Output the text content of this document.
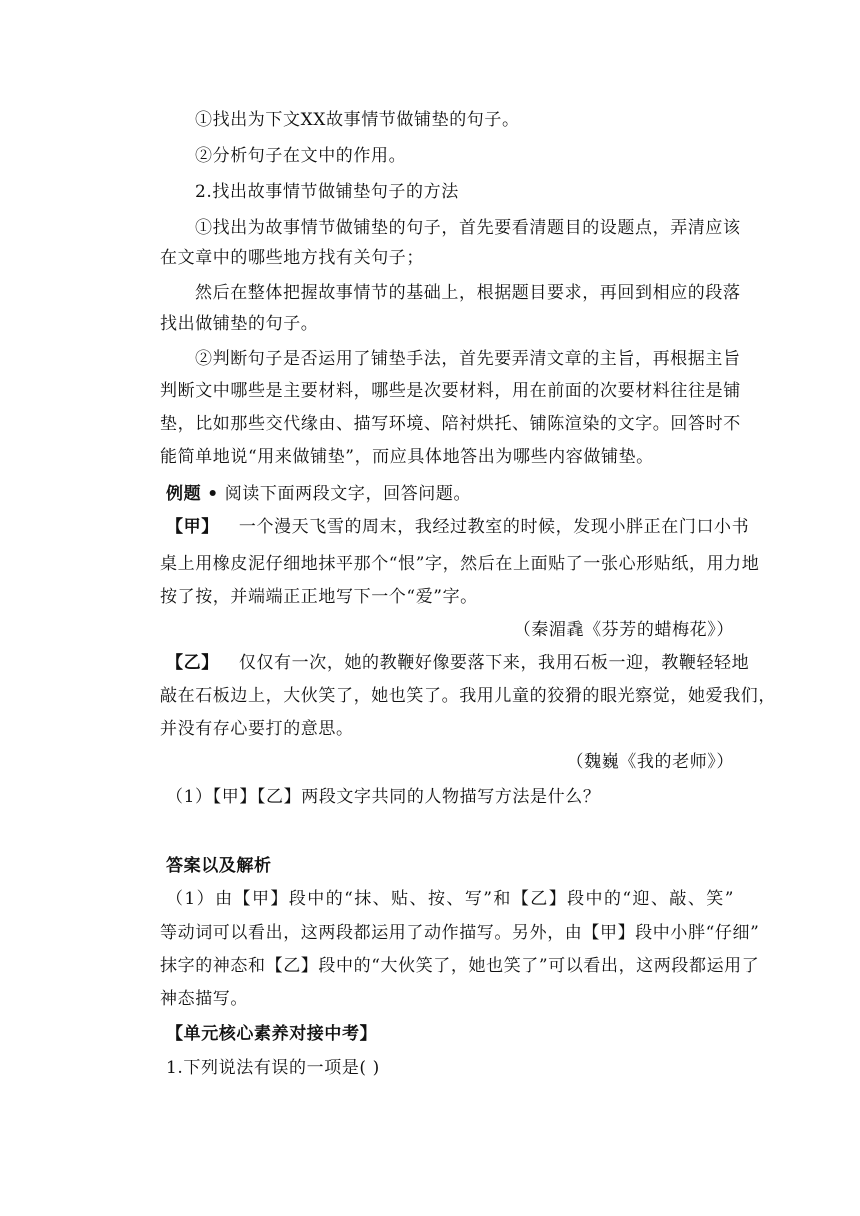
①找出为下文XX故事情节做铺垫的句子。
②分析句子在文中的作用。
2.找出故事情节做铺垫句子的方法
①找出为故事情节做铺垫的句子，首先要看清题目的设题点，弄清应该
在文章中的哪些地方找有关句子；
然后在整体把握故事情节的基础上，根据题目要求，再回到相应的段落
找出做铺垫的句子。
②判断句子是否运用了铺垫手法，首先要弄清文章的主旨，再根据主旨
判断文中哪些是主要材料，哪些是次要材料，用在前面的次要材料往往是铺
垫，比如那些交代缘由、描写环境、陪衬烘托、铺陈渲染的文字。回答时不
能简单地说“用来做铺垫”，而应具体地答出为哪些内容做铺垫。
例题 • 阅读下面两段文字，回答问题。
【甲】 一个漫天飞雪的周末，我经过教室的时候，发现小胖正在门口小书
桌上用橡皮泥仔细地抹平那个“恨”字，然后在上面贴了一张心形贴纸，用力地
按了按，并端端正正地写下一个“爱”字。
（秦湄毳《芬芳的蜡梅花》）
【乙】 仅仅有一次，她的教鞭好像要落下来，我用石板一迎，教鞭轻轻地
敲在石板边上，大伙笑了，她也笑了。我用儿童的狡猾的眼光察觉，她爱我们，
并没有存心要打的意思。
（魏巍《我的老师》）
（1）【甲】【乙】两段文字共同的人物描写方法是什么？
答案以及解析
（1）由【甲】段中的“抹、贴、按、写”和【乙】段中的“迎、敲、笑”
等动词可以看出，这两段都运用了动作描写。另外，由【甲】段中小胖“仔细”
抹字的神态和【乙】段中的“大伙笑了，她也笑了”可以看出，这两段都运用了
神态描写。
【单元核心素养对接中考】
1.下列说法有误的一项是( )
